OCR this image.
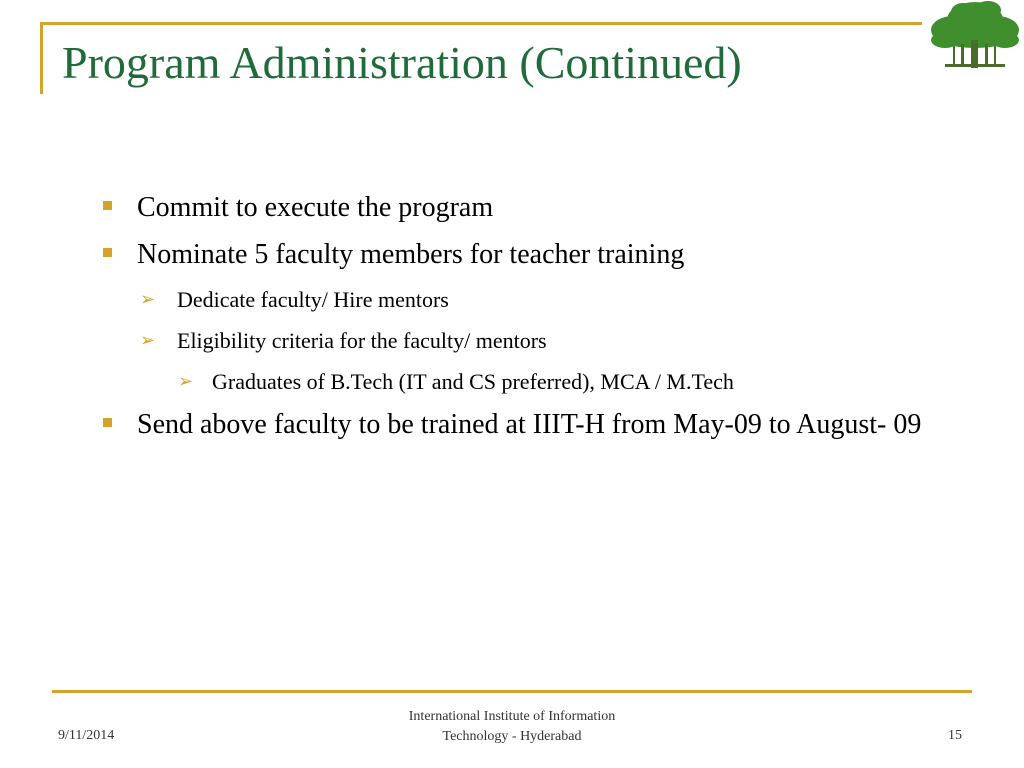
Program Administration (Continued)
Commit to execute the program
Nominate 5 faculty members for teacher training
➢ Dedicate faculty/ Hire mentors
➢ Eligibility criteria for the faculty/ mentors
➢ Graduates of B.Tech (IT and CS preferred), MCA / M.Tech
Send above faculty to be trained at IIIT-H from May-09 to August- 09
9/11/2014
International Institute of Information
Technology - Hyderabad	15
